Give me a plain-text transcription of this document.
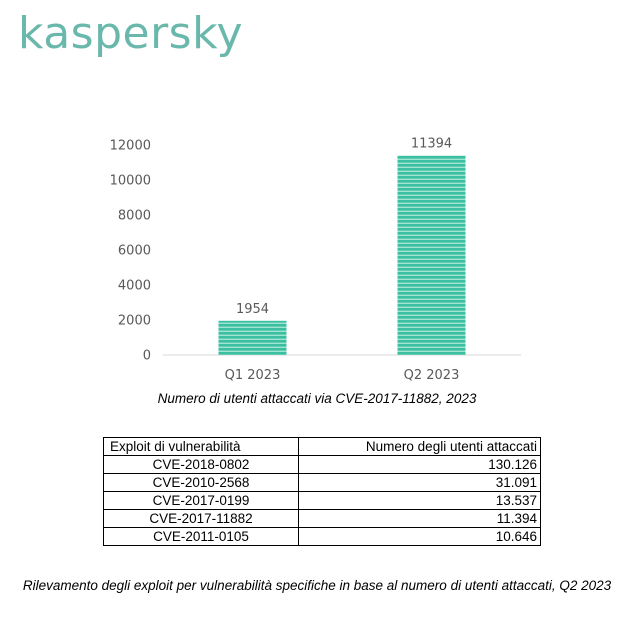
kaspersky
0
2000
4000
6000
8000
10000
12000
1954
11394
Q1 2023	Q2 2023
Numero di utenti attaccati via CVE-2017-11882, 2023
Exploit di vulnerabilità	Numero degli utenti attaccati
CVE-2018-0802	130.126
CVE-2010-2568	31.091
CVE-2017-0199	13.537
CVE-2017-11882	11.394
CVE-2011-0105	10.646
Rilevamento degli exploit per vulnerabilità specifiche in base al numero di utenti attaccati, Q2 2023
